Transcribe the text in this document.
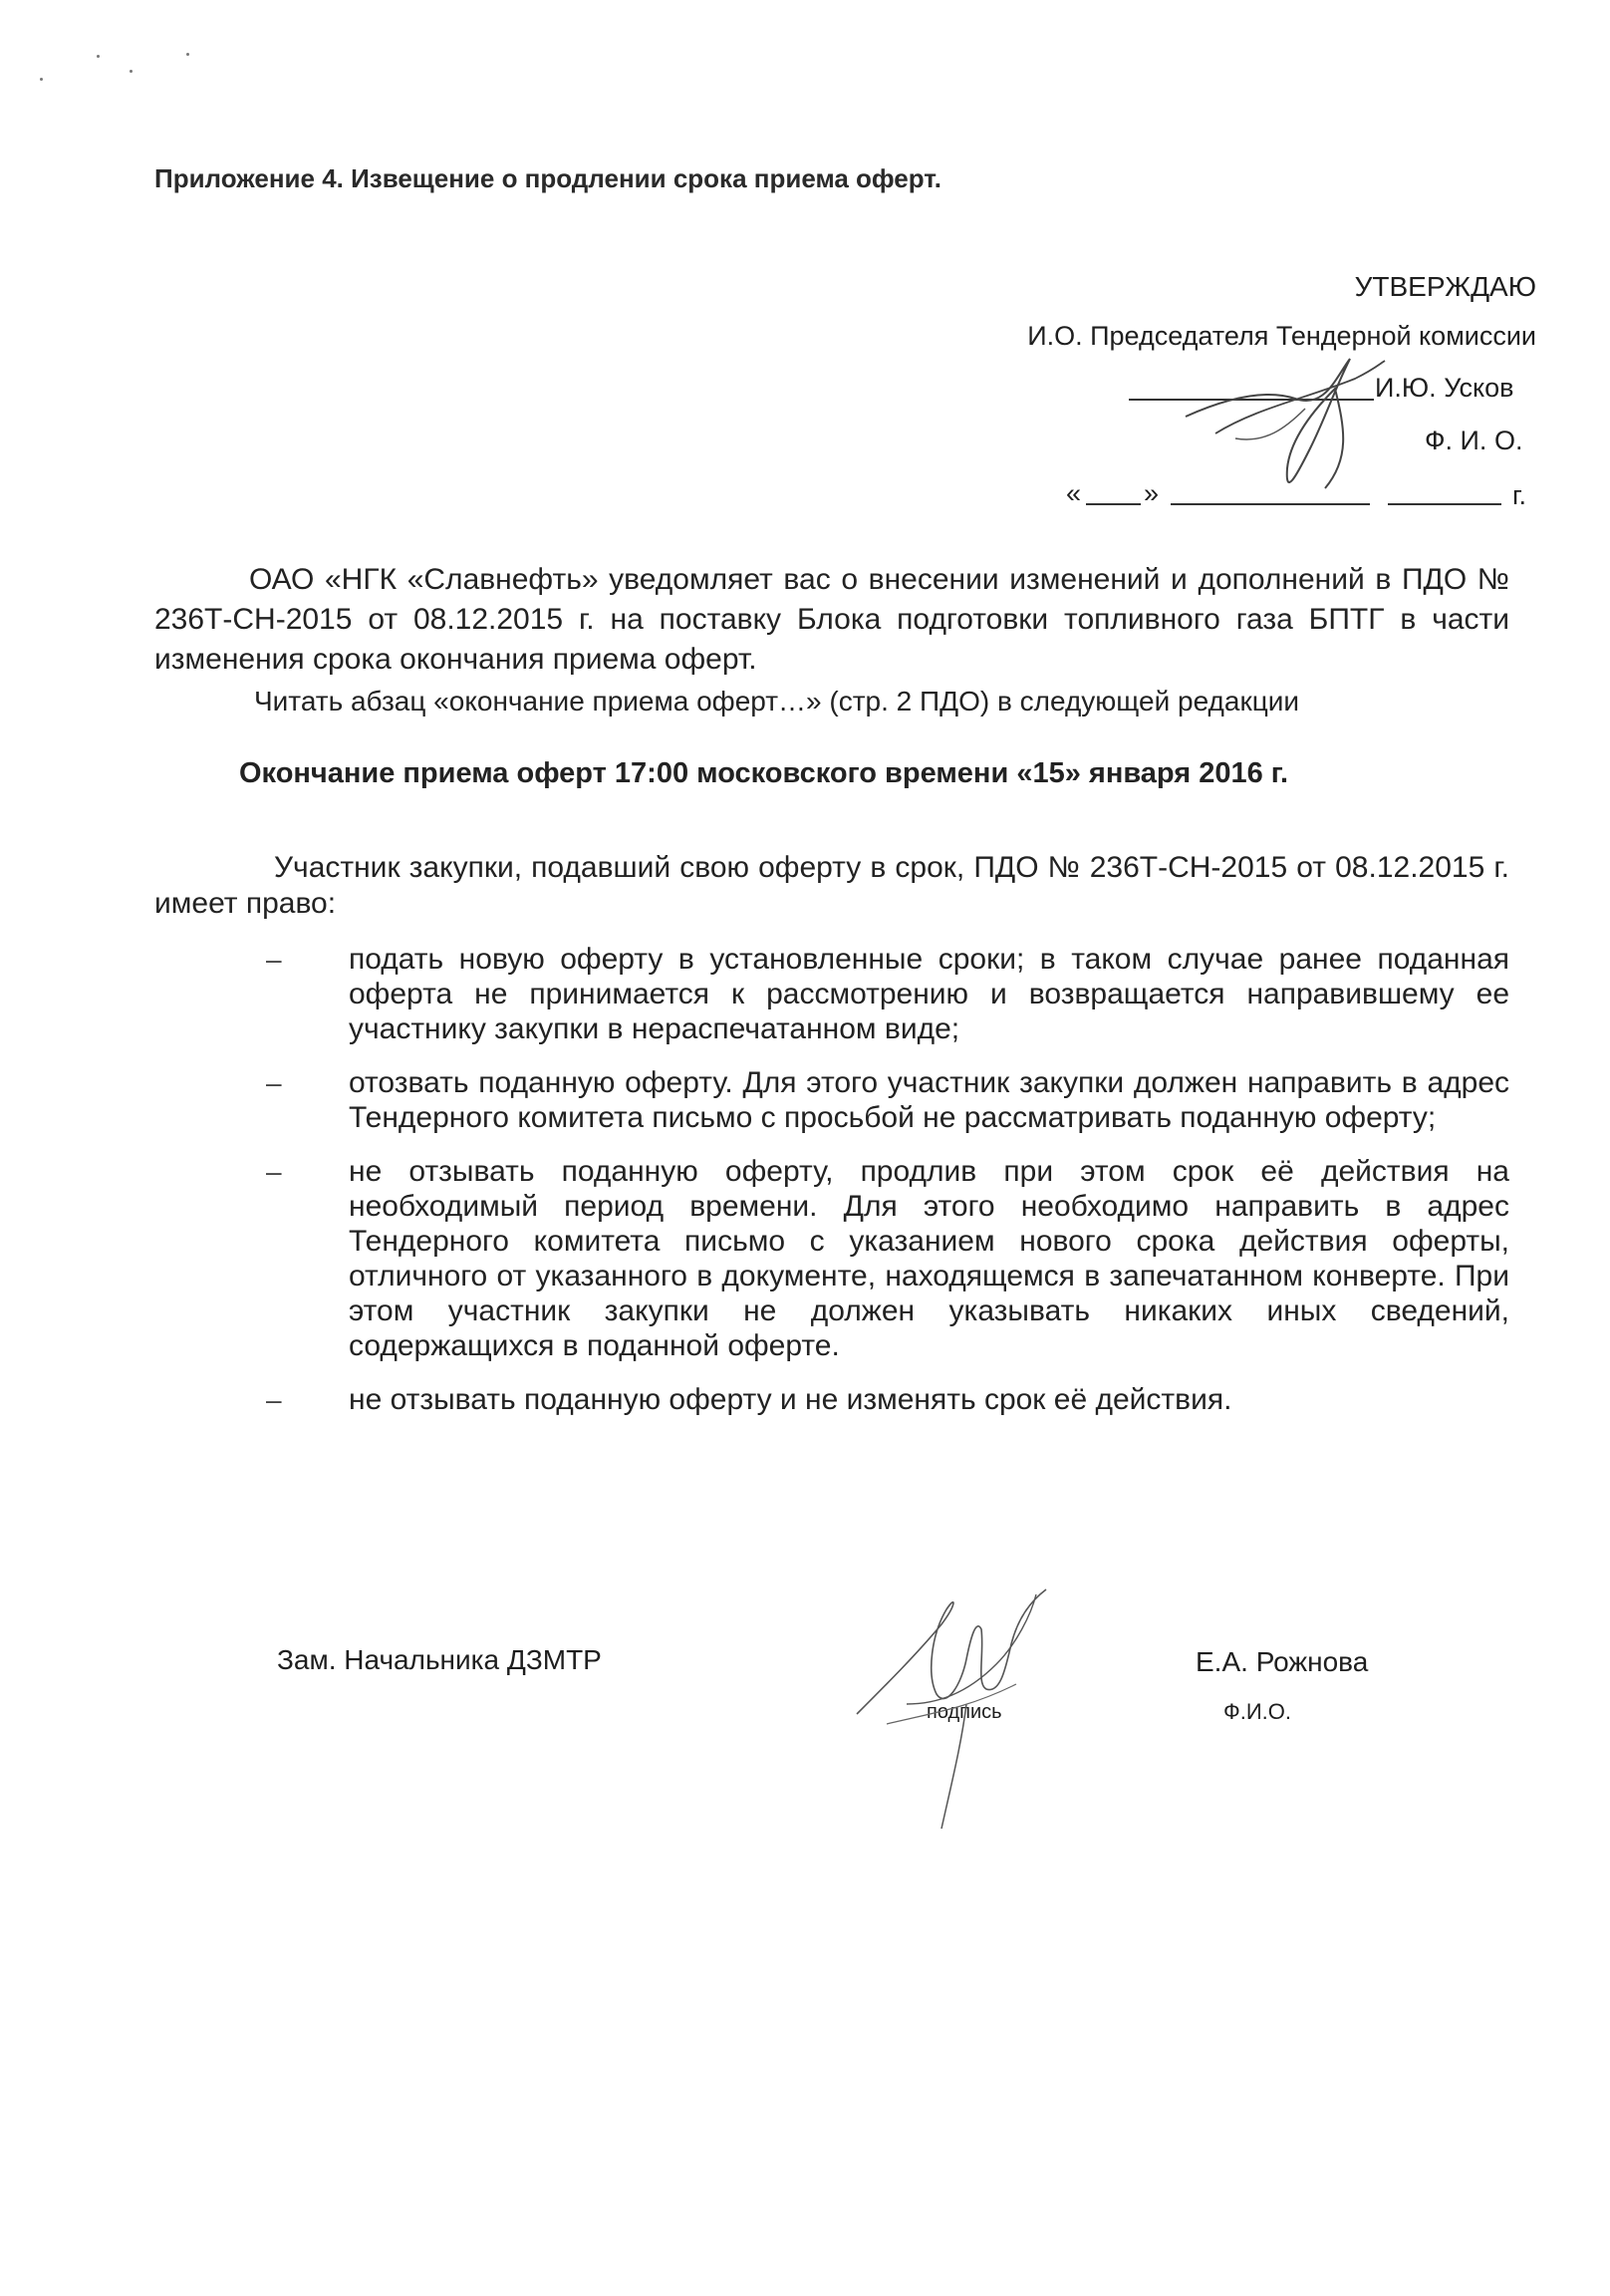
Приложение 4. Извещение о продлении срока приема оферт.
УТВЕРЖДАЮ
И.О. Председателя Тендерной комиссии
И.Ю. Усков
Ф. И. О.
« »	г.
ОАО «НГК «Славнефть» уведомляет вас о внесении изменений и дополнений в ПДО № 236Т-СН-2015 от 08.12.2015 г. на поставку Блока подготовки топливного газа БПТГ в части изменения срока окончания приема оферт.
Читать абзац «окончание приема оферт…» (стр. 2 ПДО) в следующей редакции
Окончание приема оферт 17:00 московского времени «15» января 2016 г.
Участник закупки, подавший свою оферту в срок, ПДО № 236Т-СН-2015 от 08.12.2015 г. имеет право:
– подать новую оферту в установленные сроки; в таком случае ранее поданная оферта не принимается к рассмотрению и возвращается направившему ее участнику закупки в нераспечатанном виде;
– отозвать поданную оферту. Для этого участник закупки должен направить в адрес Тендерного комитета письмо с просьбой не рассматривать поданную оферту;
– не отзывать поданную оферту, продлив при этом срок её действия на необходимый период времени. Для этого необходимо направить в адрес Тендерного комитета письмо с указанием нового срока действия оферты, отличного от указанного в документе, находящемся в запечатанном конверте. При этом участник закупки не должен указывать никаких иных сведений, содержащихся в поданной оферте.
– не отзывать поданную оферту и не изменять срок её действия.
Зам. Начальника ДЗМТР
подпись
Е.А. Рожнова
Ф.И.О.
